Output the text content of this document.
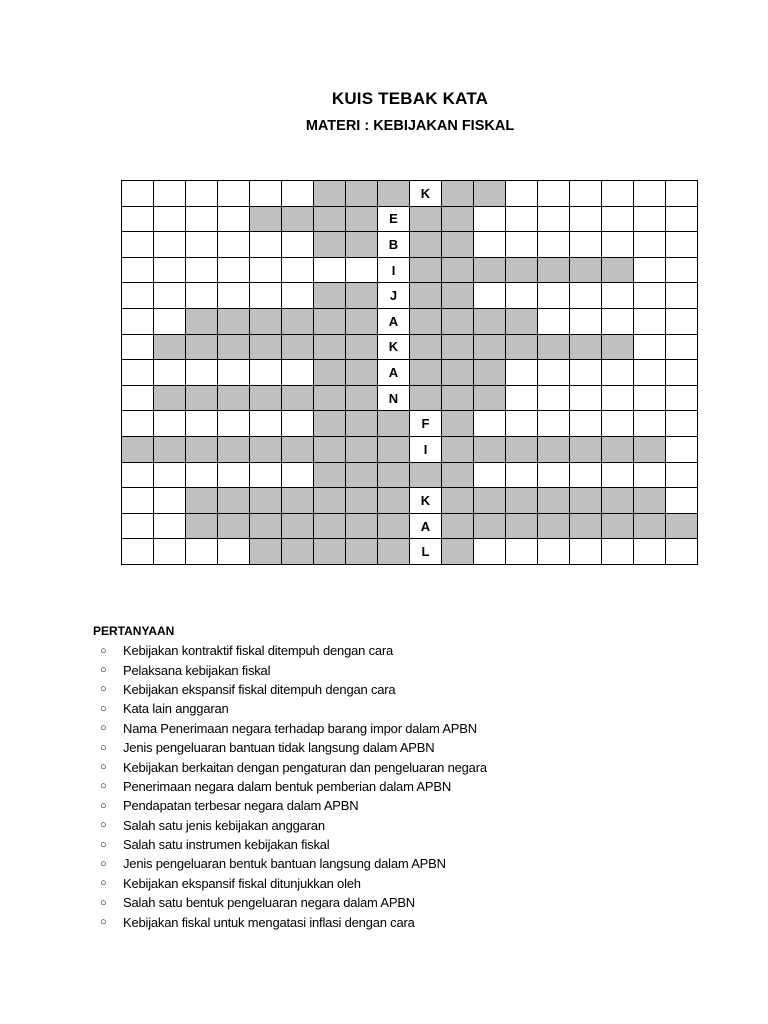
KUIS TEBAK KATA
MATERI : KEBIJAKAN FISKAL
K
E
B
I
J
A
K
A
N
F
I
K
A
L
PERTANYAAN
○	Kebijakan kontraktif fiskal ditempuh dengan cara
○	Pelaksana kebijakan fiskal
○	Kebijakan ekspansif fiskal ditempuh dengan cara
○	Kata lain anggaran
○	Nama Penerimaan negara terhadap barang impor dalam APBN
○	Jenis pengeluaran bantuan tidak langsung dalam APBN
○	Kebijakan berkaitan dengan pengaturan dan pengeluaran negara
○	Penerimaan negara dalam bentuk pemberian dalam APBN
○	Pendapatan terbesar negara dalam APBN
○	Salah satu jenis kebijakan anggaran
○	Salah satu instrumen kebijakan fiskal
○	Jenis pengeluaran bentuk bantuan langsung dalam APBN
○	Kebijakan ekspansif fiskal ditunjukkan oleh
○	Salah satu bentuk pengeluaran negara dalam APBN
○	Kebijakan fiskal untuk mengatasi inflasi dengan cara
